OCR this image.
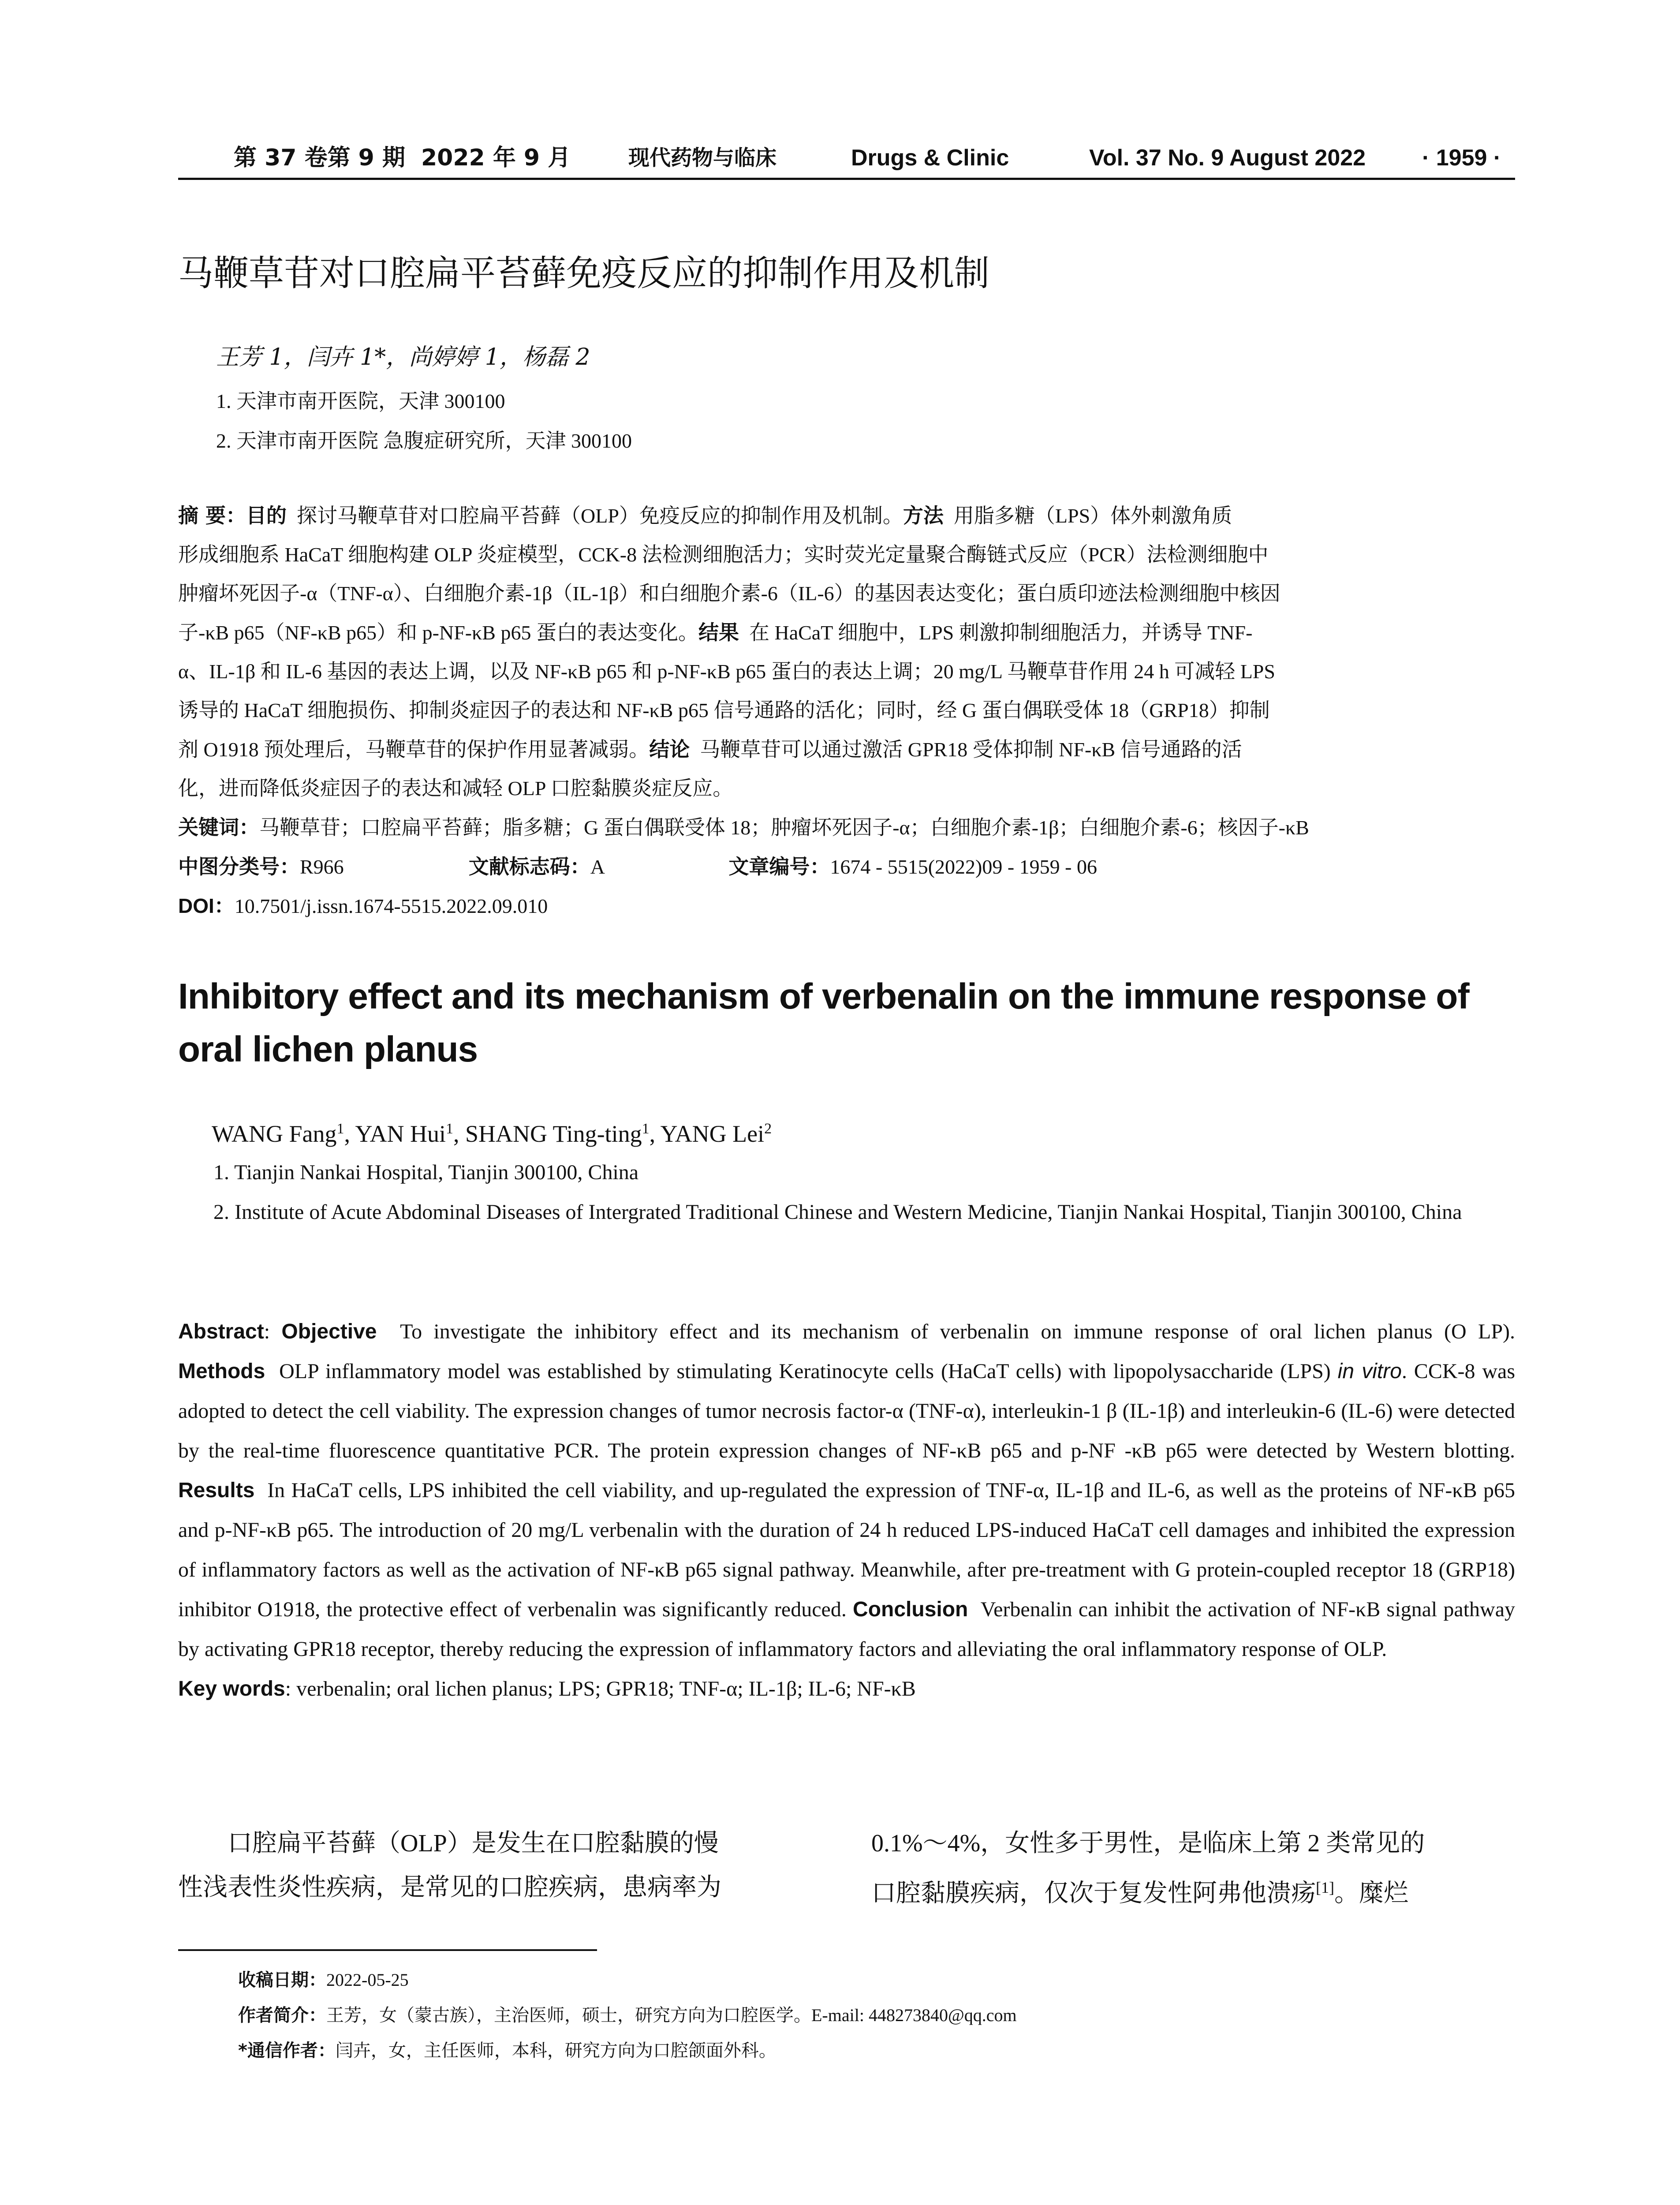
第 37 卷第 9 期 2022 年 9 月	现代药物与临床	Drugs & Clinic	Vol. 37 No. 9 August 2022 · 1959 ·
马鞭草苷对口腔扁平苔藓免疫反应的抑制作用及机制
王芳 1，闫卉 1*，尚婷婷 1，杨磊 2
1. 天津市南开医院，天津 300100
2. 天津市南开医院 急腹症研究所，天津 300100
摘 要：目的 探讨马鞭草苷对口腔扁平苔藓（OLP）免疫反应的抑制作用及机制。方法 用脂多糖（LPS）体外刺激角质
形成细胞系 HaCaT 细胞构建 OLP 炎症模型，CCK-8 法检测细胞活力；实时荧光定量聚合酶链式反应（PCR）法检测细胞中
肿瘤坏死因子-α（TNF-α）、白细胞介素-1β（IL-1β）和白细胞介素-6（IL-6）的基因表达变化；蛋白质印迹法检测细胞中核因
子-κB p65（NF-κB p65）和 p-NF-κB p65 蛋白的表达变化。结果 在 HaCaT 细胞中，LPS 刺激抑制细胞活力，并诱导 TNF-
α、IL-1β 和 IL-6 基因的表达上调，以及 NF-κB p65 和 p-NF-κB p65 蛋白的表达上调；20 mg/L 马鞭草苷作用 24 h 可减轻 LPS
诱导的 HaCaT 细胞损伤、抑制炎症因子的表达和 NF-κB p65 信号通路的活化；同时，经 G 蛋白偶联受体 18（GRP18）抑制
剂 O1918 预处理后，马鞭草苷的保护作用显著减弱。结论 马鞭草苷可以通过激活 GPR18 受体抑制 NF-κB 信号通路的活
化，进而降低炎症因子的表达和减轻 OLP 口腔黏膜炎症反应。
关键词：马鞭草苷；口腔扁平苔藓；脂多糖；G 蛋白偶联受体 18；肿瘤坏死因子-α；白细胞介素-1β；白细胞介素-6；核因子-κB
中图分类号：R966	文献标志码：A	文章编号：1674 - 5515(2022)09 - 1959 - 06
DOI：10.7501/j.issn.1674-5515.2022.09.010
Inhibitory effect and its mechanism of verbenalin on the immune response of oral lichen planus
WANG Fang$^1$, YAN Hui$^1$, SHANG Ting-ting$^1$, YANG Lei$^2$
1. Tianjin Nankai Hospital, Tianjin 300100, China
2. Institute of Acute Abdominal Diseases of Intergrated Traditional Chinese and Western Medicine, Tianjin Nankai Hospital, Tianjin 300100, China
Abstract: Objective To investigate the inhibitory effect and its mechanism of verbenalin on immune response of oral lichen planus (O LP). Methods OLP inflammatory model was established by stimulating Keratinocyte cells (HaCaT cells) with lipopolysaccharide (LPS) in vitro. CCK-8 was adopted to detect the cell viability. The expression changes of tumor necrosis factor-α (TNF-α), interleukin-1 β (IL-1β) and interleukin-6 (IL-6) were detected by the real-time fluorescence quantitative PCR. The protein expression changes of NF-κB p65 and p-NF -κB p65 were detected by Western blotting. Results In HaCaT cells, LPS inhibited the cell viability, and up-regulated the expression of TNF-α, IL-1β and IL-6, as well as the proteins of NF-κB p65 and p-NF-κB p65. The introduction of 20 mg/L verbenalin with the duration of 24 h reduced LPS-induced HaCaT cell damages and inhibited the expression of inflammatory factors as well as the activation of NF-κB p65 signal pathway. Meanwhile, after pre-treatment with G protein-coupled receptor 18 (GRP18) inhibitor O1918, the protective effect of verbenalin was significantly reduced. Conclusion Verbenalin can inhibit the activation of NF-κB signal pathway by activating GPR18 receptor, thereby reducing the expression of inflammatory factors and alleviating the oral inflammatory response of OLP.
Key words: verbenalin; oral lichen planus; LPS; GPR18; TNF-α; IL-1β; IL-6; NF-κB
口腔扁平苔藓（OLP）是发生在口腔黏膜的慢
性浅表性炎性疾病，是常见的口腔疾病，患病率为
0.1%～4%，女性多于男性，是临床上第 2 类常见的
口腔黏膜疾病，仅次于复发性阿弗他溃疡[1]。糜烂
收稿日期：2022-05-25
作者简介：王芳，女（蒙古族），主治医师，硕士，研究方向为口腔医学。E-mail: 448273840@qq.com
*通信作者：闫卉，女，主任医师，本科，研究方向为口腔颌面外科。
